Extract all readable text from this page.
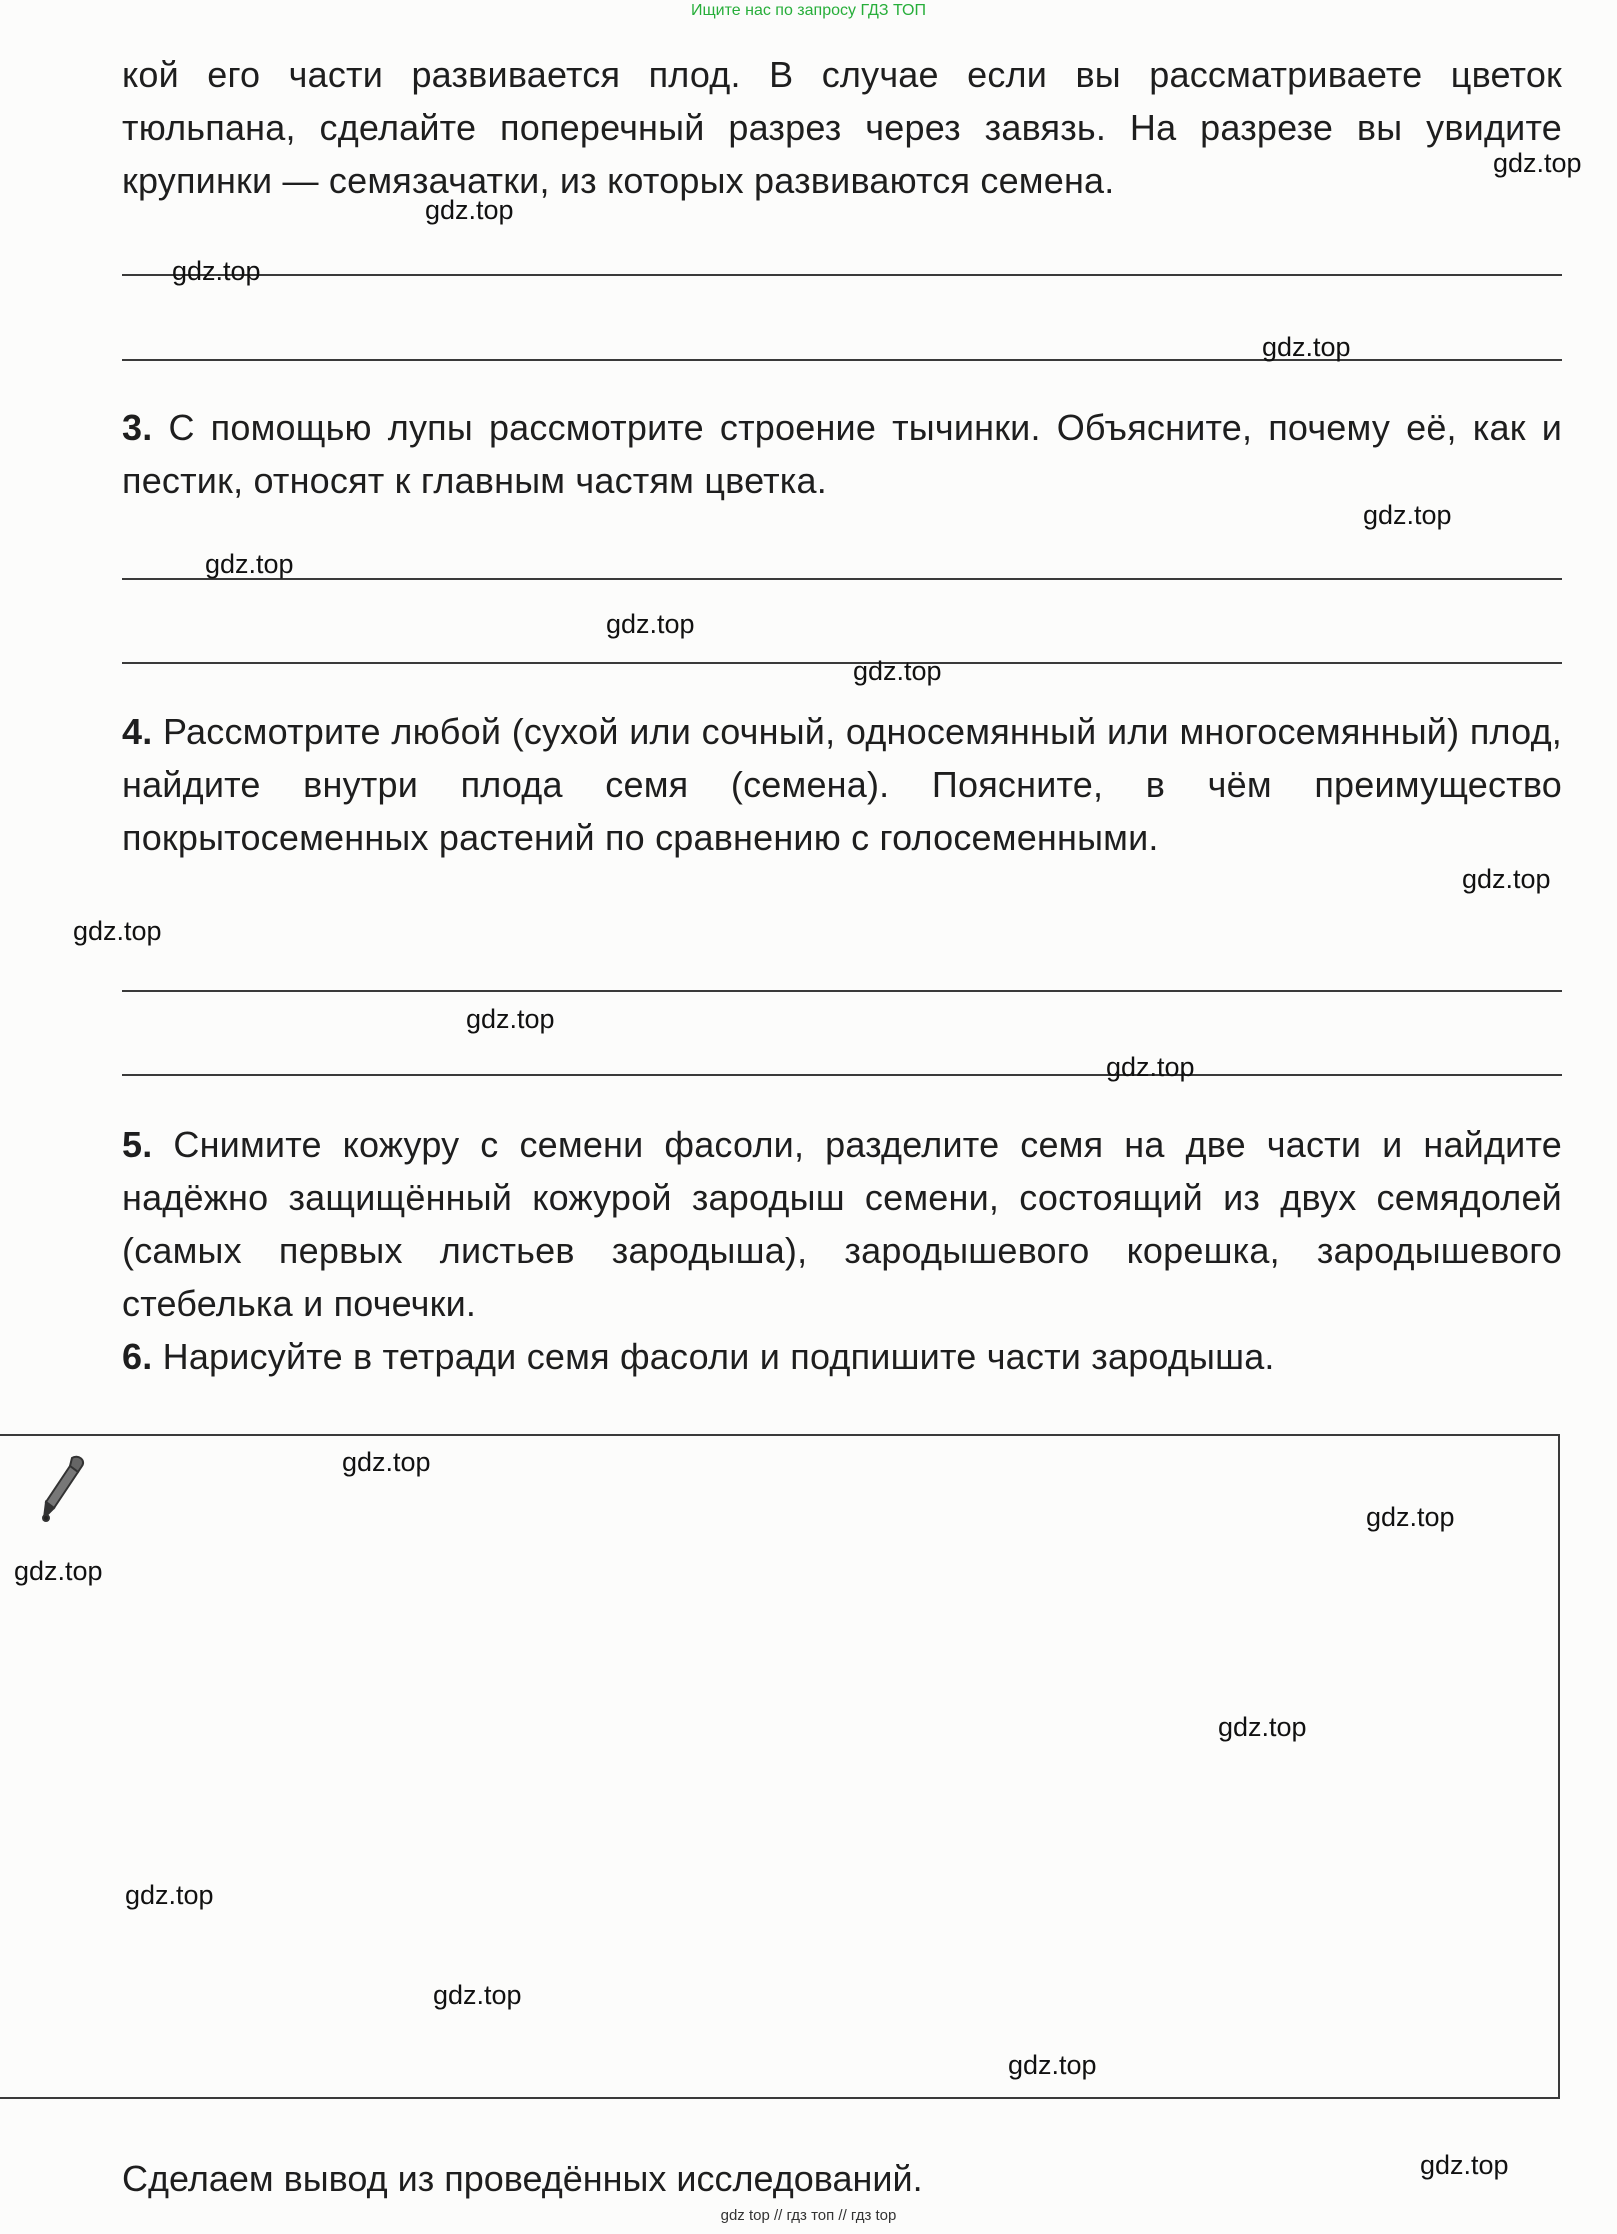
Ищите нас по запросу ГДЗ ТОП
кой его части развивается плод. В случае если вы рассматриваете цветок тюльпана, сделайте поперечный разрез через завязь. На разрезе вы увидите крупинки — семязачатки, из которых развиваются семена.
3. С помощью лупы рассмотрите строение тычинки. Объясните, почему её, как и пестик, относят к главным частям цветка.
4. Рассмотрите любой (сухой или сочный, односемянный или многосемянный) плод, найдите внутри плода семя (семена). Поясните, в чём преимущество покрытосеменных растений по сравнению с голосеменными.
5. Снимите кожуру с семени фасоли, разделите семя на две части и найдите надёжно защищённый кожурой зародыш семени, состоящий из двух семядолей (самых первых листьев зародыша), зародышевого корешка, зародышевого стебелька и почечки.
6. Нарисуйте в тетради семя фасоли и подпишите части зародыша.
Сделаем вывод из проведённых исследований.
gdz.top
gdz.top
gdz.top
gdz.top
gdz.top
gdz.top
gdz.top
gdz.top
gdz.top
gdz.top
gdz.top
gdz.top
gdz.top
gdz.top
gdz.top
gdz.top
gdz.top
gdz.top
gdz.top
gdz.top
gdz top // гдз топ // гдз top
